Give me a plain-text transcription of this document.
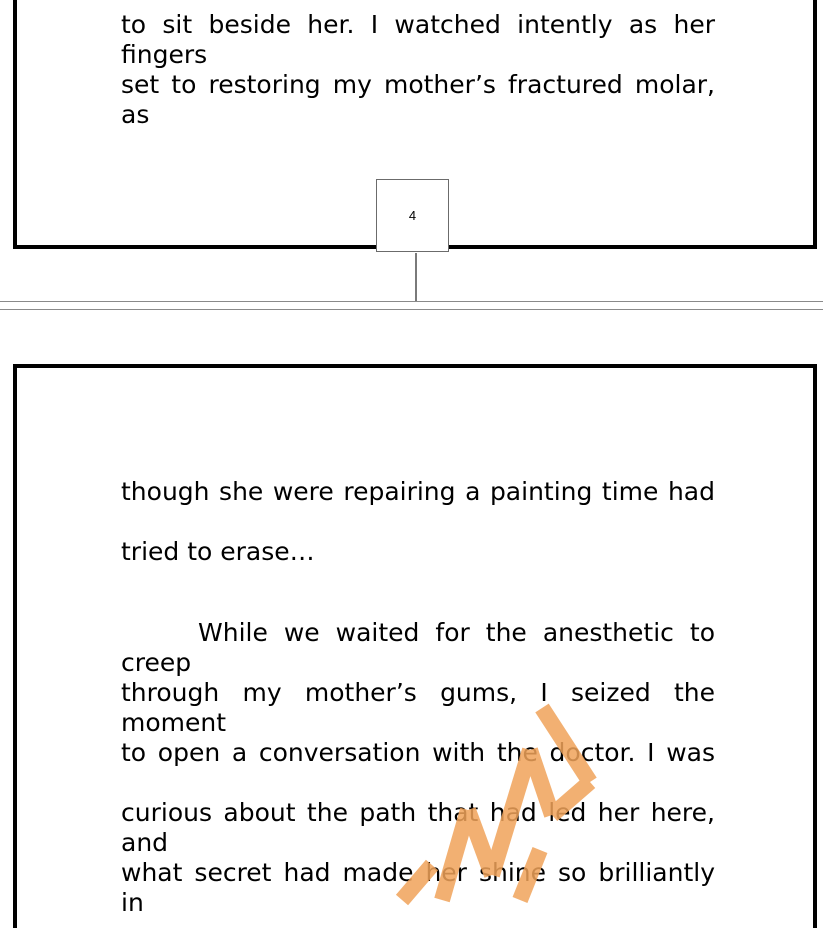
to sit beside her. I watched intently as her fingers
set to restoring my mother’s fractured molar, as
4
though she were repairing a painting time had
tried to erase…
While we waited for the anesthetic to creep
through my mother’s gums, I seized the moment
to open a conversation with the doctor. I was
curious about the path that had led her here, and
what secret had made her shine so brilliantly in
